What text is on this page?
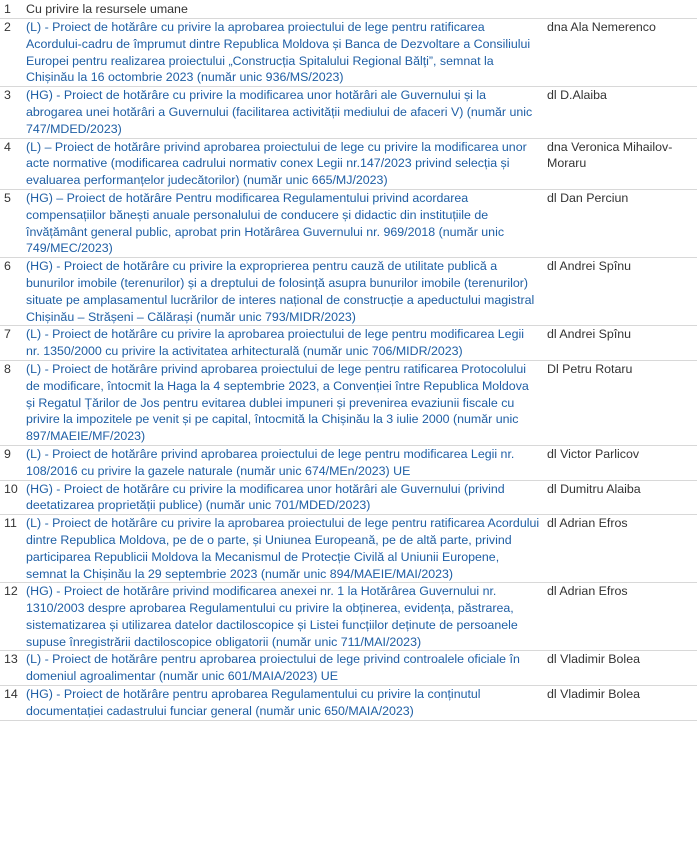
1	Cu privire la resursele umane	
2	(L) - Proiect de hotărâre cu privire la aprobarea proiectului de lege pentru ratificarea Acordului-cadru de împrumut dintre Republica Moldova și Banca de Dezvoltare a Consiliului Europei pentru realizarea proiectului „Construcția Spitalului Regional Bălți”, semnat la Chișinău la 16 octombrie 2023 (număr unic 936/MS/2023)	dna Ala Nemerenco
3	(HG) - Proiect de hotărâre cu privire la modificarea unor hotărâri ale Guvernului și la abrogarea unei hotărâri a Guvernului (facilitarea activității mediului de afaceri V) (număr unic 747/MDED/2023)	dl D.Alaiba
4	(L) – Proiect de hotărâre privind aprobarea proiectului de lege cu privire la modificarea unor acte normative (modificarea cadrului normativ conex Legii nr.147/2023 privind selecția și evaluarea performanțelor judecătorilor) (număr unic 665/MJ/2023)	dna Veronica Mihailov-Moraru
5	(HG) – Proiect de hotărâre Pentru modificarea Regulamentului privind acordarea compensațiilor bănești anuale personalului de conducere și didactic din instituțiile de învățământ general public, aprobat prin Hotărârea Guvernului nr. 969/2018 (număr unic 749/MEC/2023)	dl Dan Perciun
6	(HG) - Proiect de hotărâre cu privire la exproprierea pentru cauză de utilitate publică a bunurilor imobile (terenurilor) și a dreptului de folosință asupra bunurilor imobile (terenurilor) situate pe amplasamentul lucrărilor de interes național de construcție a apeductului magistral Chișinău – Strășeni – Călărași (număr unic 793/MIDR/2023)	dl Andrei Spînu
7	(L) - Proiect de hotărâre cu privire la aprobarea proiectului de lege pentru modificarea Legii nr. 1350/2000 cu privire la activitatea arhitecturală (număr unic 706/MIDR/2023)	dl Andrei Spînu
8	(L) - Proiect de hotărâre privind aprobarea proiectului de lege pentru ratificarea Protocolului de modificare, întocmit la Haga la 4 septembrie 2023, a Convenției între Republica Moldova și Regatul Țărilor de Jos pentru evitarea dublei impuneri și prevenirea evaziunii fiscale cu privire la impozitele pe venit și pe capital, întocmită la Chișinău la 3 iulie 2000 (număr unic 897/MAEIE/MF/2023)	Dl Petru Rotaru
9	(L) - Proiect de hotărâre privind aprobarea proiectului de lege pentru modificarea Legii nr. 108/2016 cu privire la gazele naturale (număr unic 674/MEn/2023) UE	dl Victor Parlicov
10	(HG) - Proiect de hotărâre cu privire la modificarea unor hotărâri ale Guvernului (privind deetatizarea proprietății publice) (număr unic 701/MDED/2023)	dl Dumitru Alaiba
11	(L) - Proiect de hotărâre cu privire la aprobarea proiectului de lege pentru ratificarea Acordului dintre Republica Moldova, pe de o parte, și Uniunea Europeană, pe de altă parte, privind participarea Republicii Moldova la Mecanismul de Protecție Civilă al Uniunii Europene, semnat la Chișinău la 29 septembrie 2023 (număr unic 894/MAEIE/MAI/2023)	dl Adrian Efros
12	(HG) - Proiect de hotărâre privind modificarea anexei nr. 1 la Hotărârea Guvernului nr. 1310/2003 despre aprobarea Regulamentului cu privire la obținerea, evidența, păstrarea, sistematizarea și utilizarea datelor dactiloscopice și Listei funcțiilor deținute de persoanele supuse înregistrării dactiloscopice obligatorii (număr unic 711/MAI/2023)	dl Adrian Efros
13	(L) - Proiect de hotărâre pentru aprobarea proiectului de lege privind controalele oficiale în domeniul agroalimentar (număr unic 601/MAIA/2023) UE	dl Vladimir Bolea
14	(HG) - Proiect de hotărâre pentru aprobarea Regulamentului cu privire la conținutul documentației cadastrului funciar general (număr unic 650/MAIA/2023)	dl Vladimir Bolea
